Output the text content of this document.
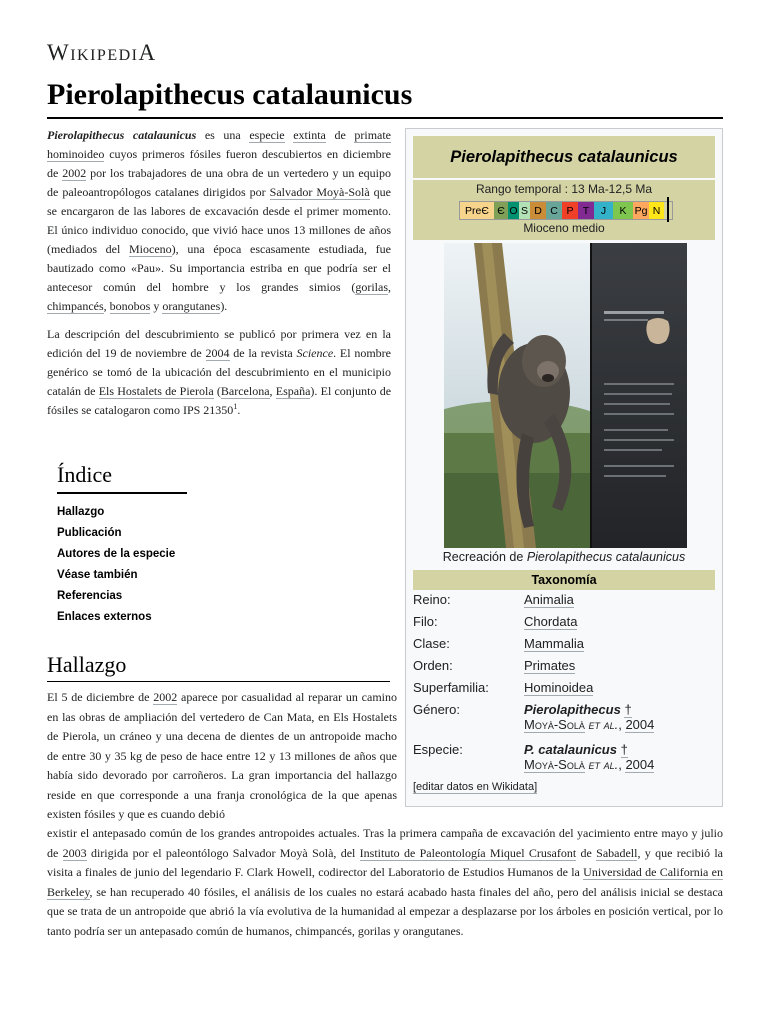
WikipediA
Pierolapithecus catalaunicus

Pierolapithecus catalaunicus es una especie extinta de primate hominoideo cuyos primeros fósiles fueron descubiertos en diciembre de 2002 por los trabajadores de una obra de un vertedero y un equipo de paleoantropólogos catalanes dirigidos por Salvador Moyà-Solà que se encargaron de las labores de excavación desde el primer momento. El único individuo conocido, que vivió hace unos 13 millones de años (mediados del Mioceno), una época escasamente estudiada, fue bautizado como «Pau». Su importancia estriba en que podría ser el antecesor común del hombre y los grandes simios (gorilas, chimpancés, bonobos y orangutanes).

La descripción del descubrimiento se publicó por primera vez en la edición del 19 de noviembre de 2004 de la revista Science. El nombre genérico se tomó de la ubicación del descubrimiento en el municipio catalán de Els Hostalets de Pierola (Barcelona, España). El conjunto de fósiles se catalogaron como IPS 21350$^1$.

Índice
Hallazgo
Publicación
Autores de la especie
Véase también
Referencias
Enlaces externos
Hallazgo
El 5 de diciembre de 2002 aparece por casualidad al reparar un camino en las obras de ampliación del vertedero de Can Mata, en Els Hostalets de Pierola, un cráneo y una decena de dientes de un antropoide macho de entre 30 y 35 kg de peso de hace entre 12 y 13 millones de años que había sido devorado por carroñeros. La gran importancia del hallazgo reside en que corresponde a una franja cronológica de la que apenas existen fósiles y que es cuando debió
existir el antepasado común de los grandes antropoides actuales. Tras la primera campaña de excavación del yacimiento entre mayo y julio de 2003 dirigida por el paleontólogo Salvador Moyà Solà, del Instituto de Paleontología Miquel Crusafont de Sabadell, y que recibió la visita a finales de junio del legendario F. Clark Howell, codirector del Laboratorio de Estudios Humanos de la Universidad de California en Berkeley, se han recuperado 40 fósiles, el análisis de los cuales no estará acabado hasta finales del año, pero del análisis inicial se destaca que se trata de un antropoide que abrió la vía evolutiva de la humanidad al empezar a desplazarse por los árboles en posición vertical, por lo tanto podría ser un antepasado común de humanos, chimpancés, gorilas y orangutanes.
Pierolapithecus catalaunicus
Rango temporal : 13 Ma-12,5 Ma
PreЄ Є O S D C P T	J	K Pg N
Mioceno medio
Recreación de Pierolapithecus catalaunicus
Taxonomía
Reino:	Animalia
Filo:	Chordata
Clase:	Mammalia
Orden:	Primates
Superfamilia:	Hominoidea
Género:	Pierolapithecus †
Moyà-Solà et al., 2004
Especie:	P. catalaunicus †
Moyà-Solà et al., 2004
[editar datos en Wikidata]
